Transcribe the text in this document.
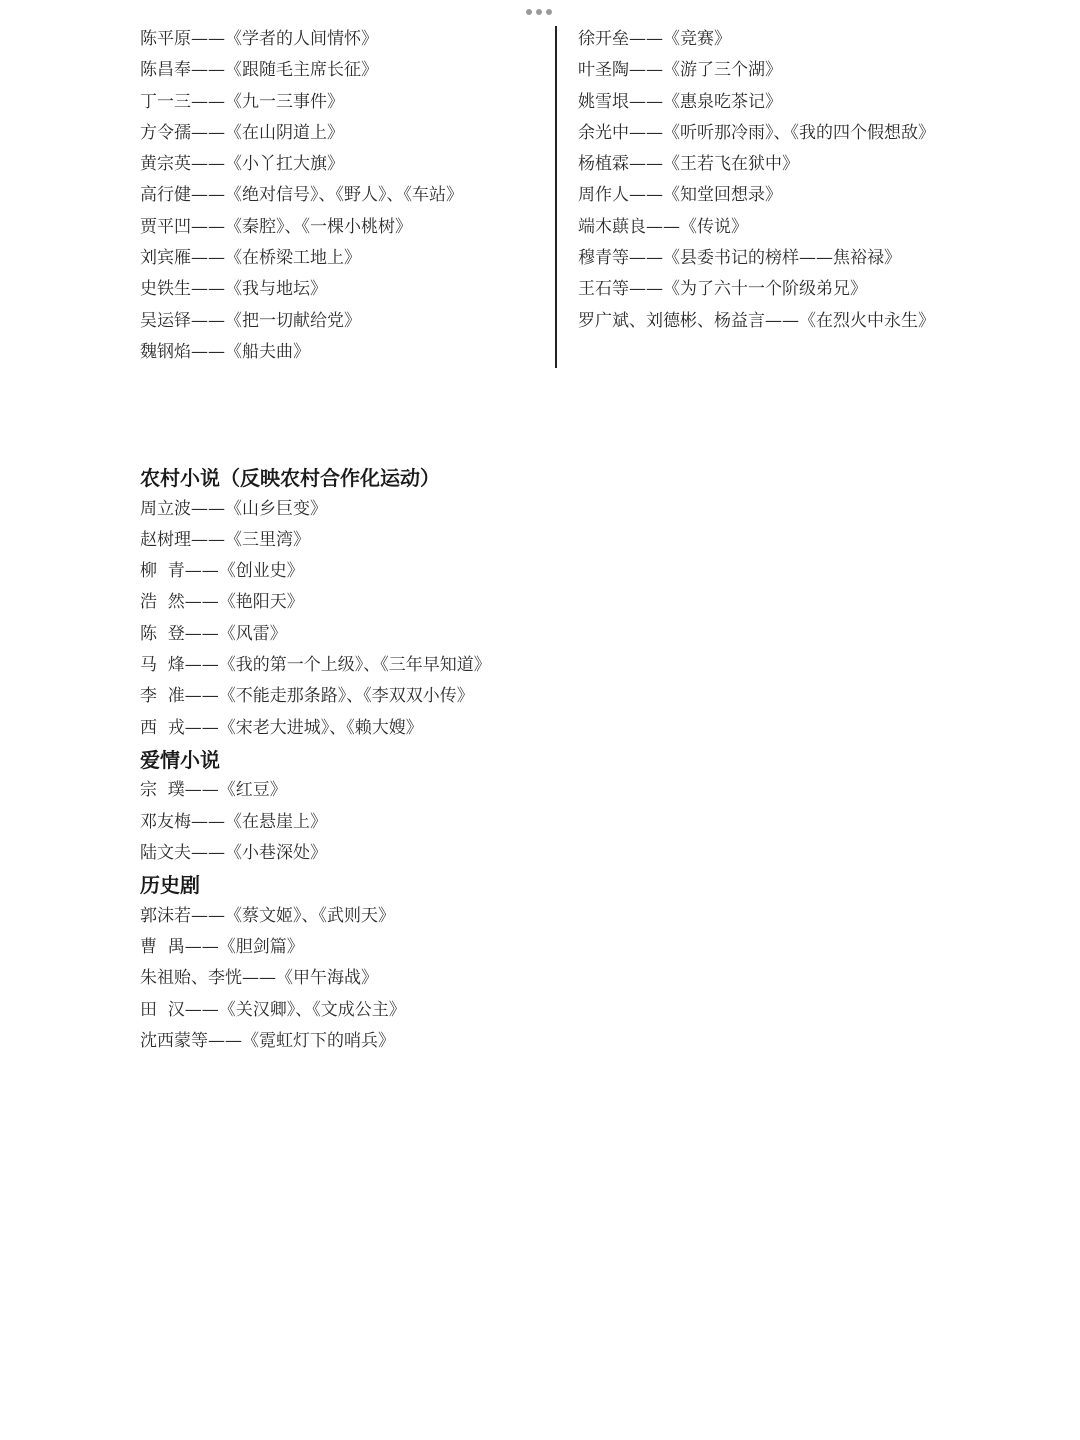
陈平原——《学者的人间情怀》
陈昌奉——《跟随毛主席长征》
丁一三——《九一三事件》
方令孺——《在山阴道上》
黄宗英——《小丫扛大旗》
高行健——《绝对信号》、《野人》、《车站》
贾平凹——《秦腔》、《一棵小桃树》
刘宾雁——《在桥梁工地上》
史铁生——《我与地坛》
吴运铎——《把一切献给党》
魏钢焰——《船夫曲》
徐开垒——《竞赛》
叶圣陶——《游了三个湖》
姚雪垠——《惠泉吃茶记》
余光中——《听听那冷雨》、《我的四个假想敌》
杨植霖——《王若飞在狱中》
周作人——《知堂回想录》
端木蕻良——《传说》
穆青等——《县委书记的榜样——焦裕禄》
王石等——《为了六十一个阶级弟兄》
罗广斌、刘德彬、杨益言——《在烈火中永生》
农村小说（反映农村合作化运动）
周立波——《山乡巨变》
赵树理——《三里湾》
柳  青——《创业史》
浩  然——《艳阳天》
陈  登——《风雷》
马  烽——《我的第一个上级》、《三年早知道》
李  准——《不能走那条路》、《李双双小传》
西  戎——《宋老大进城》、《赖大嫂》
爱情小说
宗  璞——《红豆》
邓友梅——《在悬崖上》
陆文夫——《小巷深处》
历史剧
郭沫若——《蔡文姬》、《武则天》
曹  禺——《胆剑篇》
朱祖贻、李恍——《甲午海战》
田  汉——《关汉卿》、《文成公主》
沈西蒙等——《霓虹灯下的哨兵》
